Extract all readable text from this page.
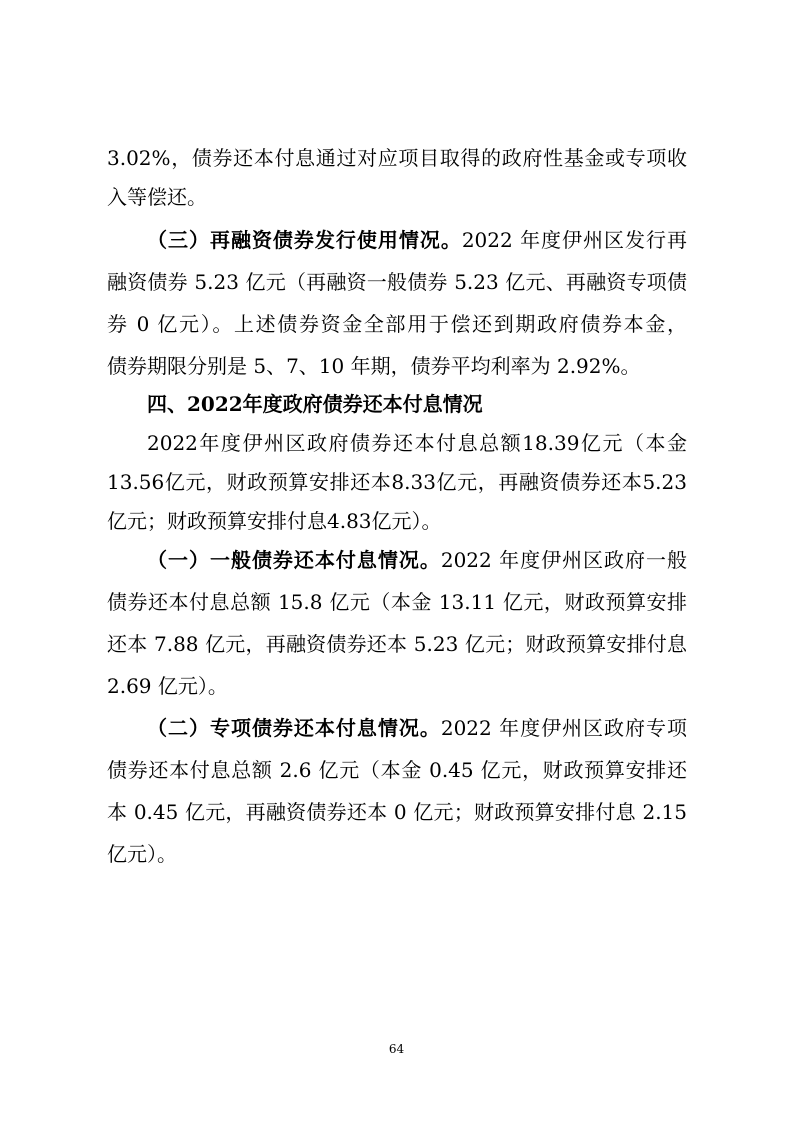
3.02%，债券还本付息通过对应项目取得的政府性基金或专项收
入等偿还。
（三）再融资债券发行使用情况。2022 年度伊州区发行再
融资债券 5.23 亿元（再融资一般债券 5.23 亿元、再融资专项债
券 0 亿元）。上述债券资金全部用于偿还到期政府债券本金，
债券期限分别是 5、7、10 年期，债券平均利率为 2.92%。
四、2022年度政府债券还本付息情况
2022年度伊州区政府债券还本付息总额18.39亿元（本金
13.56亿元，财政预算安排还本8.33亿元，再融资债券还本5.23
亿元；财政预算安排付息4.83亿元）。
（一）一般债券还本付息情况。2022 年度伊州区政府一般
债券还本付息总额 15.8 亿元（本金 13.11 亿元，财政预算安排
还本 7.88 亿元，再融资债券还本 5.23 亿元；财政预算安排付息
2.69 亿元）。
（二）专项债券还本付息情况。2022 年度伊州区政府专项
债券还本付息总额 2.6 亿元（本金 0.45 亿元，财政预算安排还
本 0.45 亿元，再融资债券还本 0 亿元；财政预算安排付息 2.15
亿元）。
64
